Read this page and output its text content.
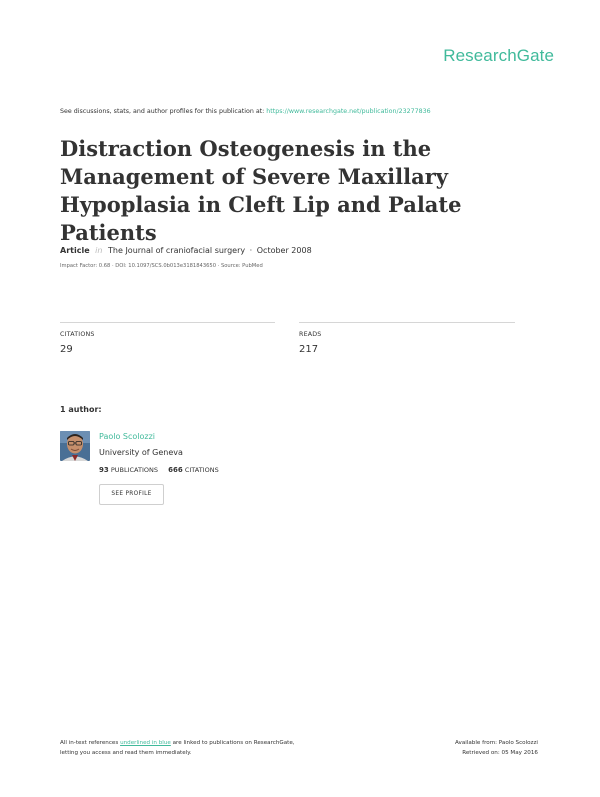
ResearchGate
See discussions, stats, and author profiles for this publication at: https://www.researchgate.net/publication/23277836
Distraction Osteogenesis in the Management of Severe Maxillary Hypoplasia in Cleft Lip and Palate Patients
Article in The Journal of craniofacial surgery · October 2008
Impact Factor: 0.68 · DOI: 10.1097/SCS.0b013e3181843650 · Source: PubMed
CITATIONS
29
READS
217
1 author:
Paolo Scolozzi
University of Geneva
93 PUBLICATIONS 666 CITATIONS
SEE PROFILE
All in-text references underlined in blue are linked to publications on ResearchGate,
letting you access and read them immediately.
Available from: Paolo Scolozzi
Retrieved on: 05 May 2016
